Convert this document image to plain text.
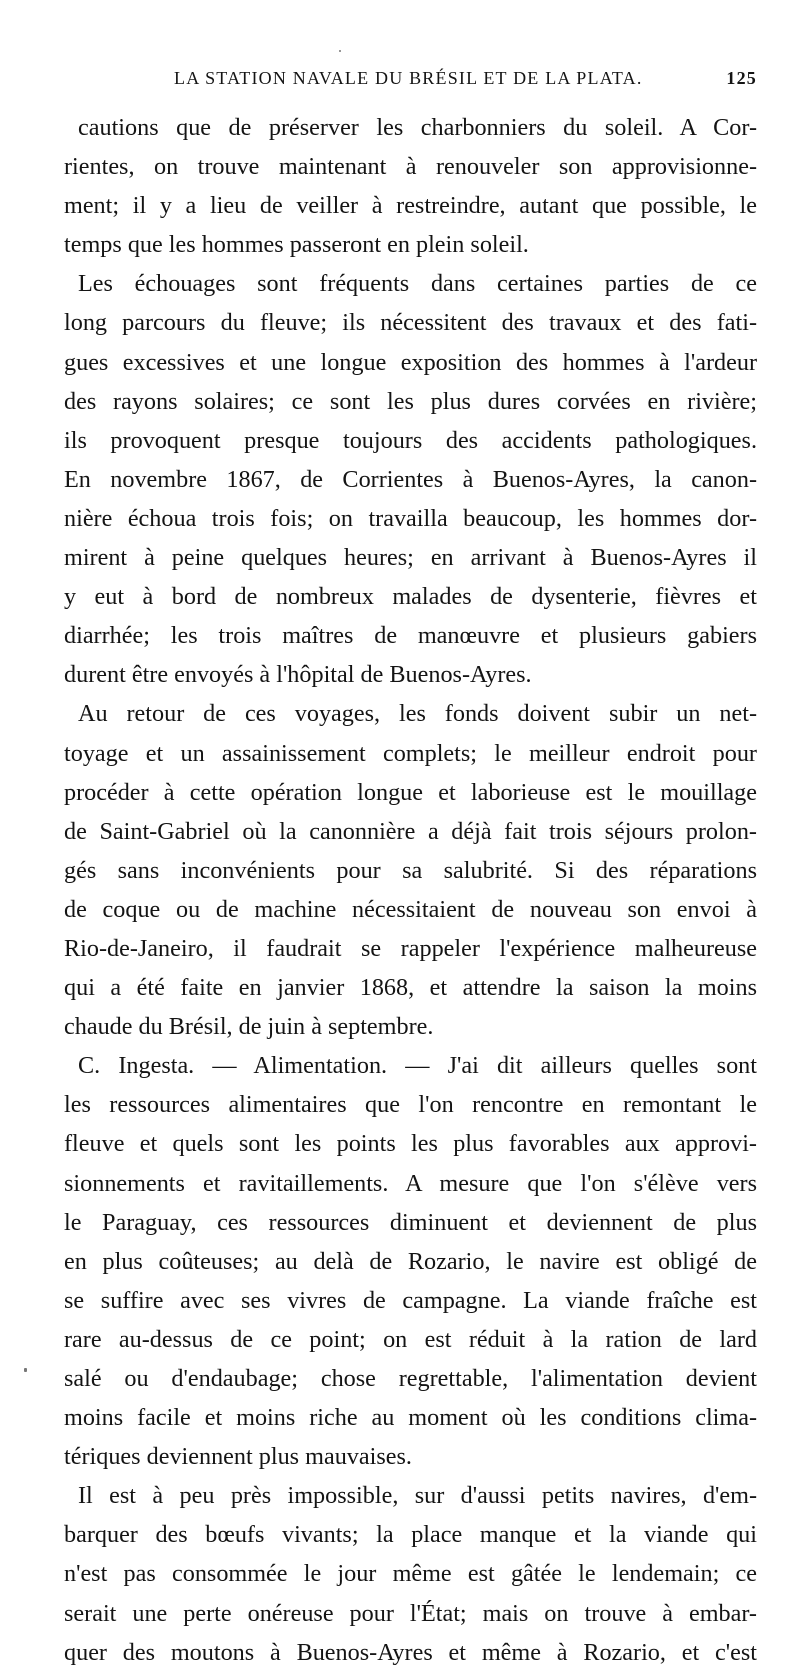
LA STATION NAVALE DU BRÉSIL ET DE LA PLATA.	125

cautions que de préserver les charbonniers du soleil. A Cor-
rientes, on trouve maintenant à renouveler son approvisionne-
ment; il y a lieu de veiller à restreindre, autant que possible, le
temps que les hommes passeront en plein soleil.

Les échouages sont fréquents dans certaines parties de ce
long parcours du fleuve; ils nécessitent des travaux et des fati-
gues excessives et une longue exposition des hommes à l'ardeur
des rayons solaires; ce sont les plus dures corvées en rivière;
ils provoquent presque toujours des accidents pathologiques.
En novembre 1867, de Corrientes à Buenos-Ayres, la canon-
nière échoua trois fois; on travailla beaucoup, les hommes dor-
mirent à peine quelques heures; en arrivant à Buenos-Ayres il
y eut à bord de nombreux malades de dysenterie, fièvres et
diarrhée; les trois maîtres de manœuvre et plusieurs gabiers
durent être envoyés à l'hôpital de Buenos-Ayres.

Au retour de ces voyages, les fonds doivent subir un net-
toyage et un assainissement complets; le meilleur endroit pour
procéder à cette opération longue et laborieuse est le mouillage
de Saint-Gabriel où la canonnière a déjà fait trois séjours prolon-
gés sans inconvénients pour sa salubrité. Si des réparations
de coque ou de machine nécessitaient de nouveau son envoi à
Rio-de-Janeiro, il faudrait se rappeler l'expérience malheureuse
qui a été faite en janvier 1868, et attendre la saison la moins
chaude du Brésil, de juin à septembre.

C. Ingesta. — Alimentation. — J'ai dit ailleurs quelles sont
les ressources alimentaires que l'on rencontre en remontant le
fleuve et quels sont les points les plus favorables aux approvi-
sionnements et ravitaillements. A mesure que l'on s'élève vers
le Paraguay, ces ressources diminuent et deviennent de plus
en plus coûteuses; au delà de Rozario, le navire est obligé de
se suffire avec ses vivres de campagne. La viande fraîche est
rare au-dessus de ce point; on est réduit à la ration de lard
salé ou d'endaubage; chose regrettable, l'alimentation devient
moins facile et moins riche au moment où les conditions clima-
tériques deviennent plus mauvaises.

Il est à peu près impossible, sur d'aussi petits navires, d'em-
barquer des bœufs vivants; la place manque et la viande qui
n'est pas consommée le jour même est gâtée le lendemain; ce
serait une perte onéreuse pour l'État; mais on trouve à embar-
quer des moutons à Buenos-Ayres et même à Rozario, et c'est
